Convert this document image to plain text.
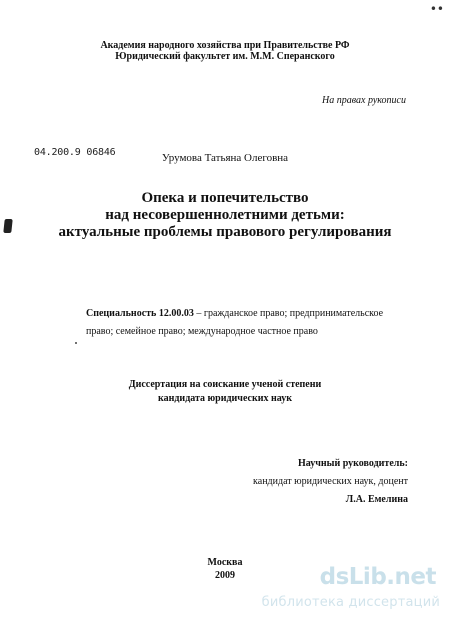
••
Академия народного хозяйства при Правительстве РФ
Юридический факультет им. М.М. Сперанского
На правах рукописи
04.200.9 06846	Урумова Татьяна Олеговна
Опека и попечительство
над несовершеннолетними детьми:
актуальные проблемы правового регулирования
Специальность 12.00.03 – гражданское право; предпринимательское
право; семейное право; международное частное право
Диссертация на соискание ученой степени
кандидата юридических наук
Научный руководитель:
кандидат юридических наук, доцент
Л.А. Емелина
Москва
2009	dsLib.net
библиотека диссертаций
